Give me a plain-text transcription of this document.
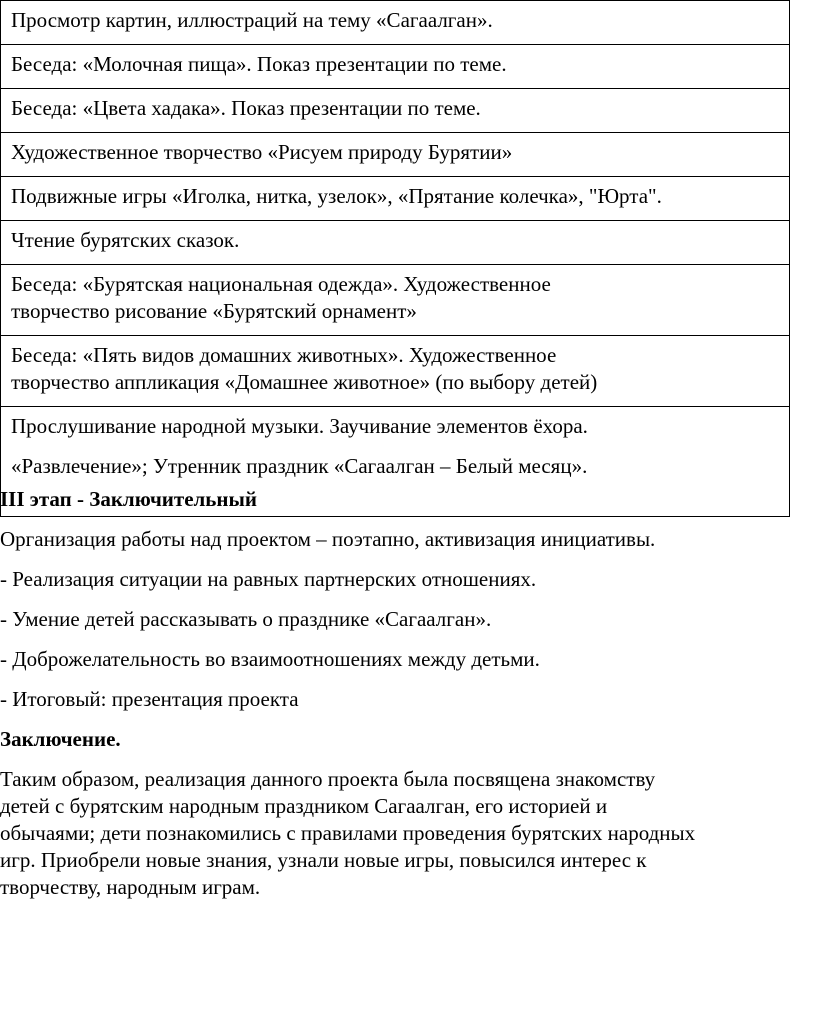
Просмотр картин, иллюстраций на тему «Сагаалган».
Беседа: «Молочная пища». Показ презентации по теме.
Беседа: «Цвета хадака». Показ презентации по теме.
Художественное творчество «Рисуем природу Бурятии»
Подвижные игры «Иголка, нитка, узелок», «Прятание колечка», "Юрта".
Чтение бурятских сказок.
Беседа: «Бурятская национальная одежда». Художественное
творчество рисование «Бурятский орнамент»
Беседа: «Пять видов домашних животных». Художественное
творчество аппликация «Домашнее животное» (по выбору детей)
Прослушивание народной музыки. Заучивание элементов ёхора.
«Развлечение»; Утренник праздник «Сагаалган – Белый месяц».
III этап - Заключительный
Организация работы над проектом – поэтапно, активизация инициативы.
- Реализация ситуации на равных партнерских отношениях.
- Умение детей рассказывать о празднике «Сагаалган».
- Доброжелательность во взаимоотношениях между детьми.
- Итоговый: презентация проекта
Заключение.
Таким образом, реализация данного проекта была посвящена знакомству
детей с бурятским народным праздником Сагаалган, его историей и
обычаями; дети познакомились с правилами проведения бурятских народных
игр. Приобрели новые знания, узнали новые игры, повысился интерес к
творчеству, народным играм.
